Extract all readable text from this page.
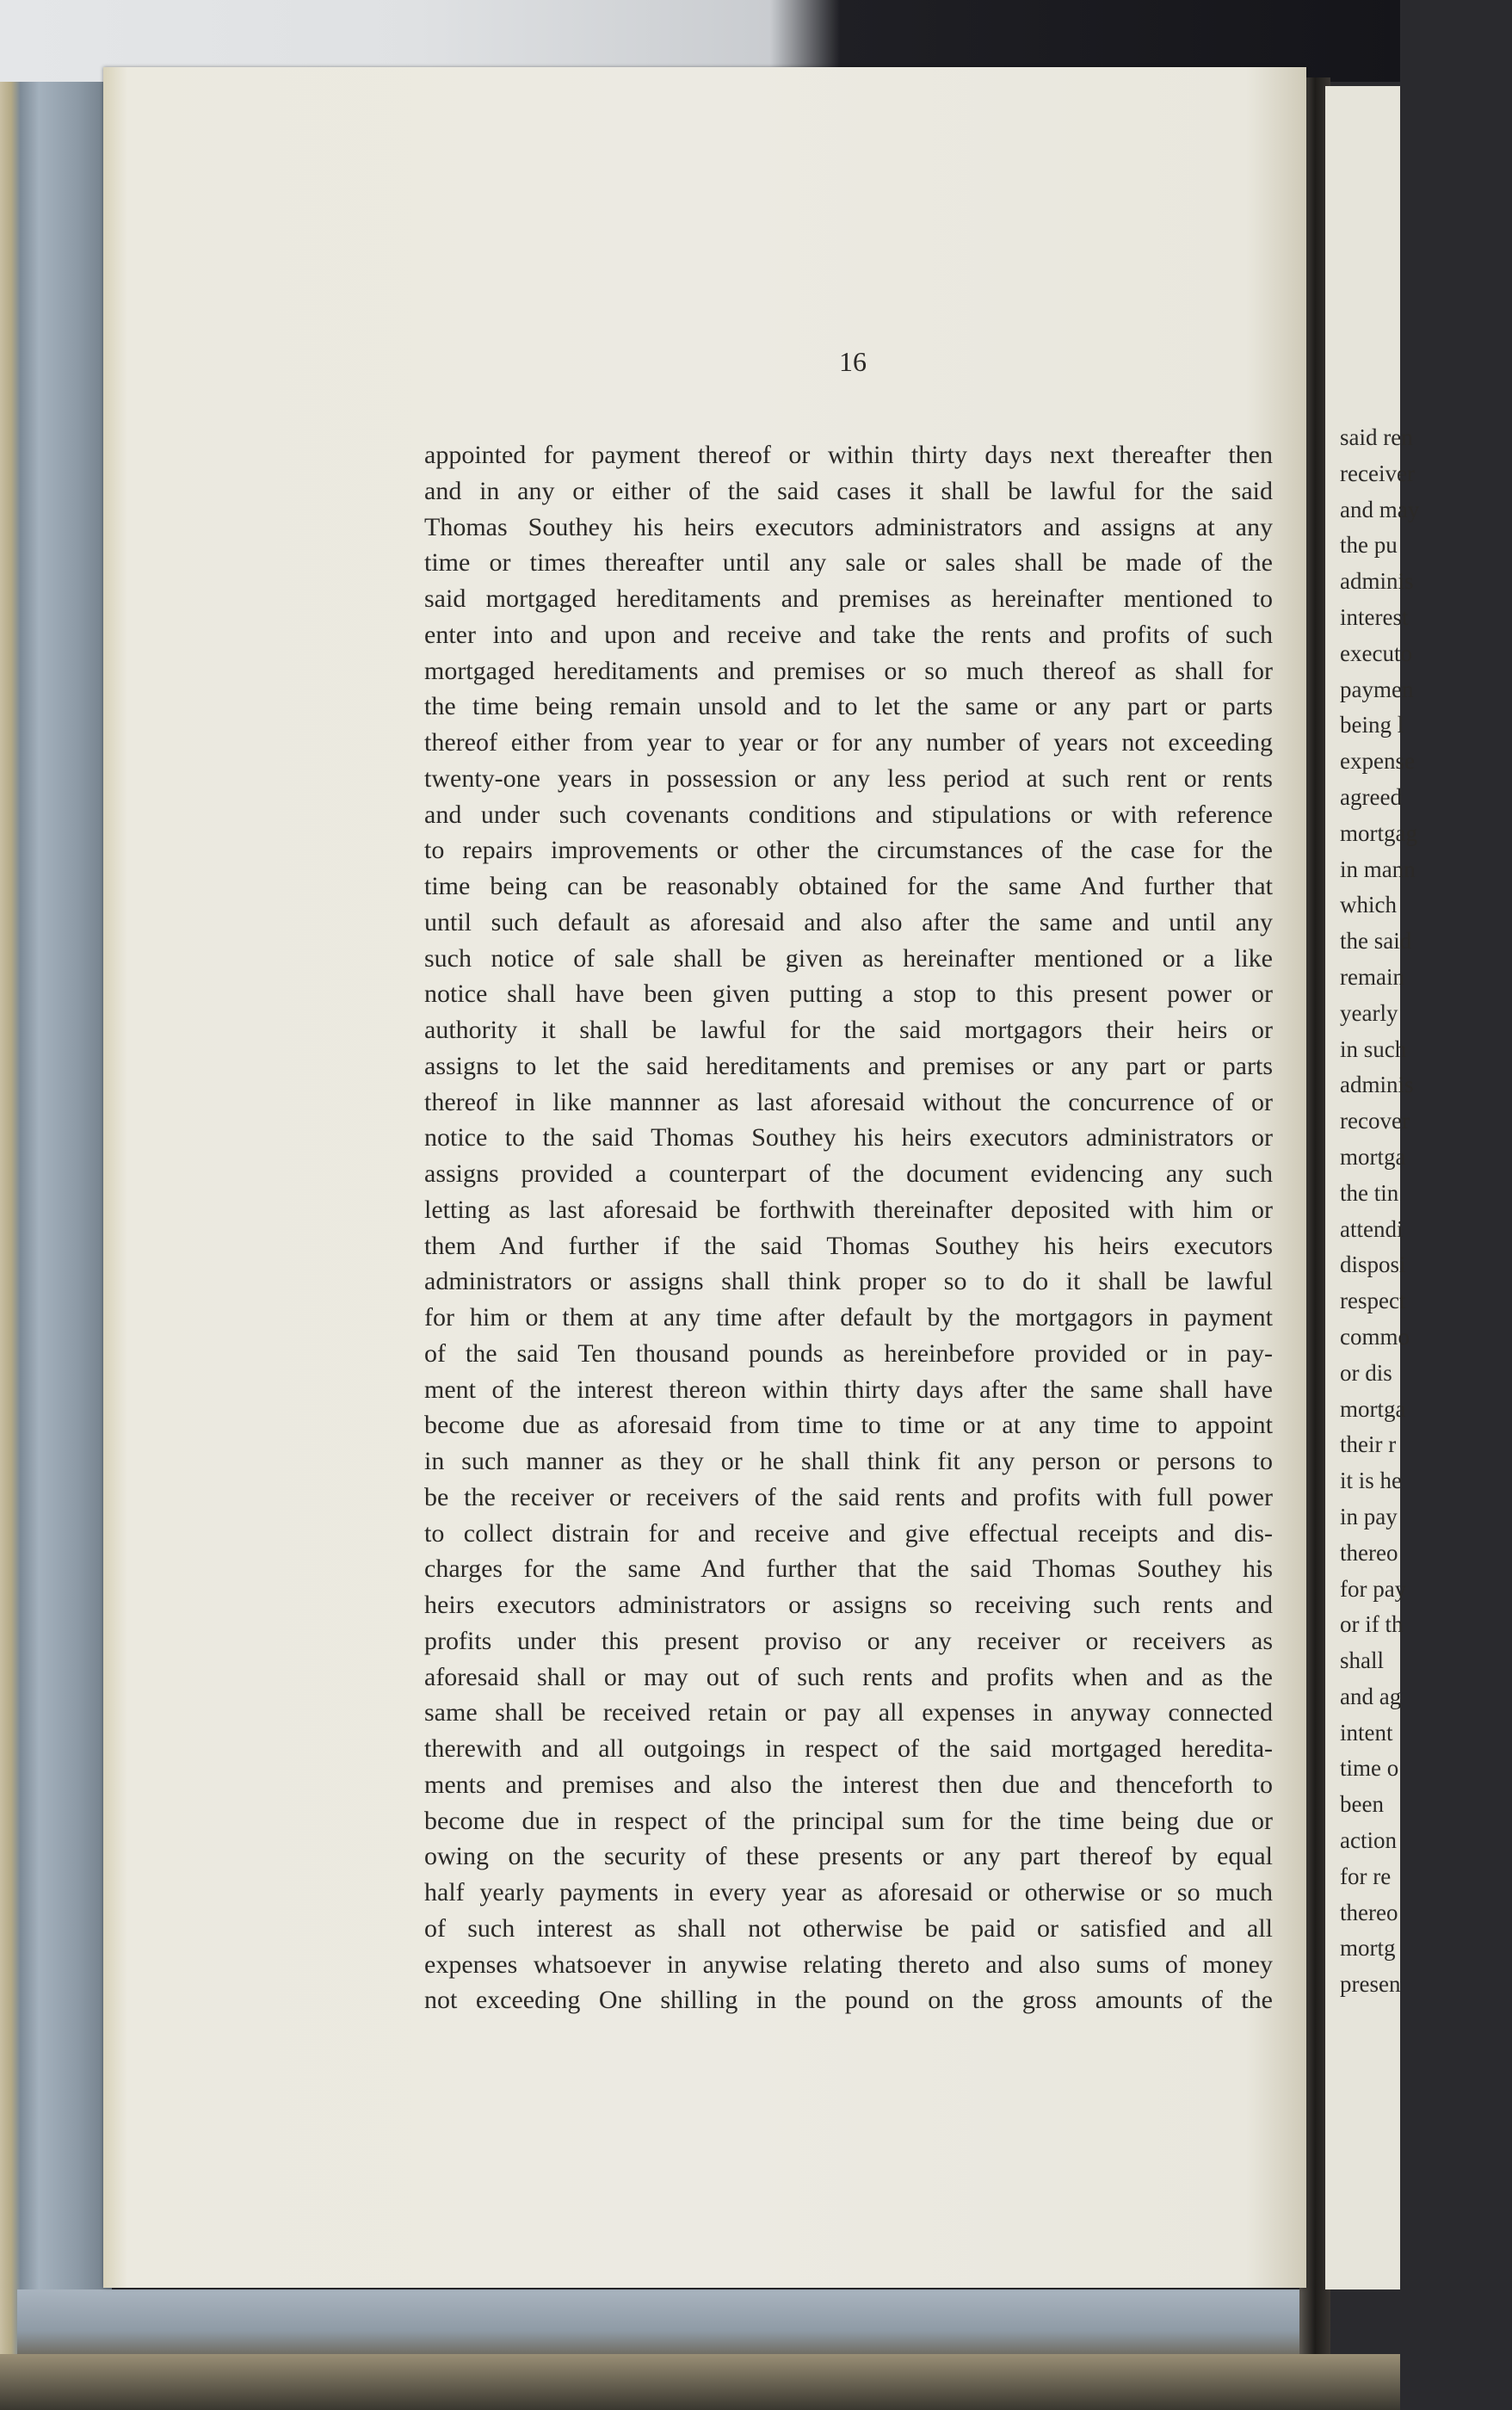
said ren
receiver
and may
the pu
adminis
interest
executo
paymen
being l
expense
agreed
mortgag
in mann
which
the said
remain
yearly
in such
adminis
recover
mortga
the tin
attendi
disposi
respect
commo
or dis
mortga
their r
it is he
in pay
thereo
for pay
or if th
shall
and ag
intent
time o
been
action
for re
thereo
mortg
presen
16
appointed for payment thereof or within thirty days next thereafter then
and in any or either of the said cases it shall be lawful for the said
Thomas Southey his heirs executors administrators and assigns at any
time or times thereafter until any sale or sales shall be made of the
said mortgaged hereditaments and premises as hereinafter mentioned to
enter into and upon and receive and take the rents and profits of such
mortgaged hereditaments and premises or so much thereof as shall for
the time being remain unsold and to let the same or any part or parts
thereof either from year to year or for any number of years not exceeding
twenty-one years in possession or any less period at such rent or rents
and under such covenants conditions and stipulations or with reference
to repairs improvements or other the circumstances of the case for the
time being can be reasonably obtained for the same And further that
until such default as aforesaid and also after the same and until any
such notice of sale shall be given as hereinafter mentioned or a like
notice shall have been given putting a stop to this present power or
authority it shall be lawful for the said mortgagors their heirs or
assigns to let the said hereditaments and premises or any part or parts
thereof in like mannner as last aforesaid without the concurrence of or
notice to the said Thomas Southey his heirs executors administrators or
assigns provided a counterpart of the document evidencing any such
letting as last aforesaid be forthwith thereinafter deposited with him or
them And further if the said Thomas Southey his heirs executors
administrators or assigns shall think proper so to do it shall be lawful
for him or them at any time after default by the mortgagors in payment
of the said Ten thousand pounds as hereinbefore provided or in pay-
ment of the interest thereon within thirty days after the same shall have
become due as aforesaid from time to time or at any time to appoint
in such manner as they or he shall think fit any person or persons to
be the receiver or receivers of the said rents and profits with full power
to collect distrain for and receive and give effectual receipts and dis-
charges for the same And further that the said Thomas Southey his
heirs executors administrators or assigns so receiving such rents and
profits under this present proviso or any receiver or receivers as
aforesaid shall or may out of such rents and profits when and as the
same shall be received retain or pay all expenses in anyway connected
therewith and all outgoings in respect of the said mortgaged heredita-
ments and premises and also the interest then due and thenceforth to
become due in respect of the principal sum for the time being due or
owing on the security of these presents or any part thereof by equal
half yearly payments in every year as aforesaid or otherwise or so much
of such interest as shall not otherwise be paid or satisfied and all
expenses whatsoever in anywise relating thereto and also sums of money
not exceeding One shilling in the pound on the gross amounts of the
